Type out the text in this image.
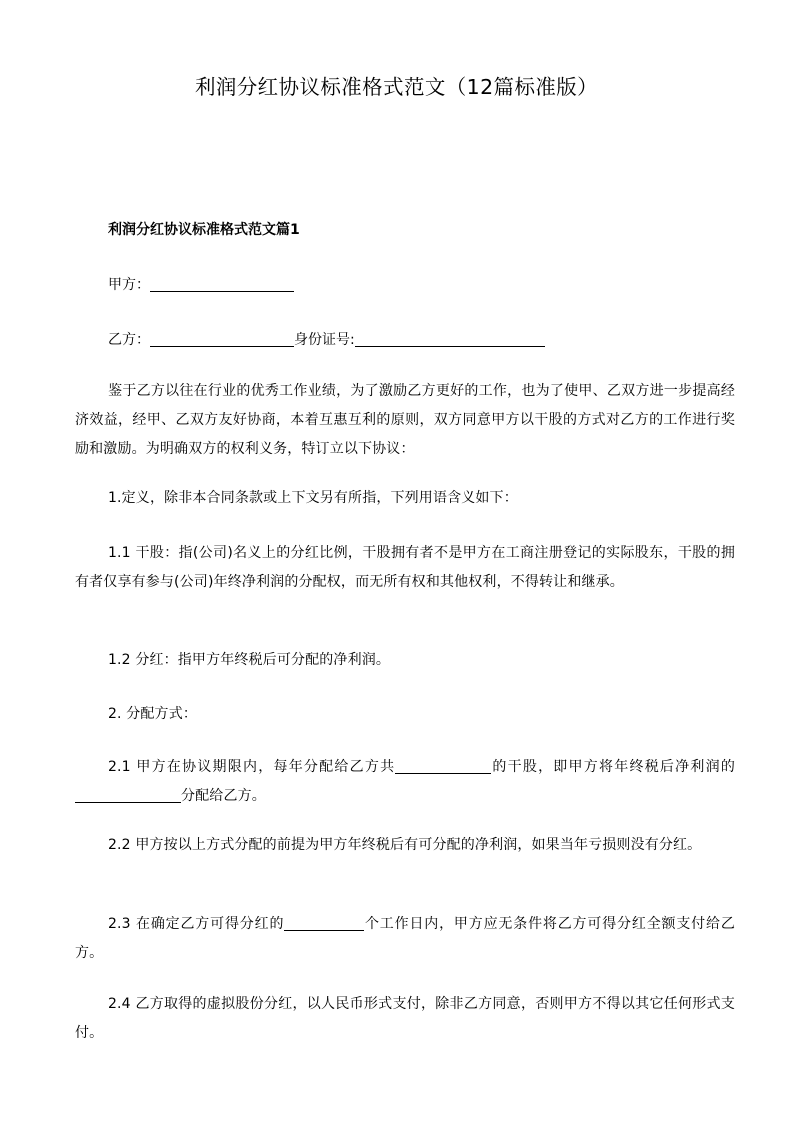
利润分红协议标准格式范文（12篇标准版）
利润分红协议标准格式范文篇1
甲方：
乙方：	身份证号:
鉴于乙方以往在行业的优秀工作业绩，为了激励乙方更好的工作，也为了使甲、乙双方进一步提高经济效益，经甲、乙双方友好协商，本着互惠互利的原则，双方同意甲方以干股的方式对乙方的工作进行奖励和激励。为明确双方的权利义务，特订立以下协议：
1.定义，除非本合同条款或上下文另有所指，下列用语含义如下：
1.1 干股：指(公司)名义上的分红比例，干股拥有者不是甲方在工商注册登记的实际股东，干股的拥有者仅享有参与(公司)年终净利润的分配权，而无所有权和其他权利，不得转让和继承。
1.2 分红：指甲方年终税后可分配的净利润。
2. 分配方式：
2.1 甲方在协议期限内，每年分配给乙方共	的干股，即甲方将年终税后净利润的分配给乙方。
2.2 甲方按以上方式分配的前提为甲方年终税后有可分配的净利润，如果当年亏损则没有分红。
2.3 在确定乙方可得分红的	个工作日内，甲方应无条件将乙方可得分红全额支付给乙方。
2.4 乙方取得的虚拟股份分红，以人民币形式支付，除非乙方同意，否则甲方不得以其它任何形式支付。
